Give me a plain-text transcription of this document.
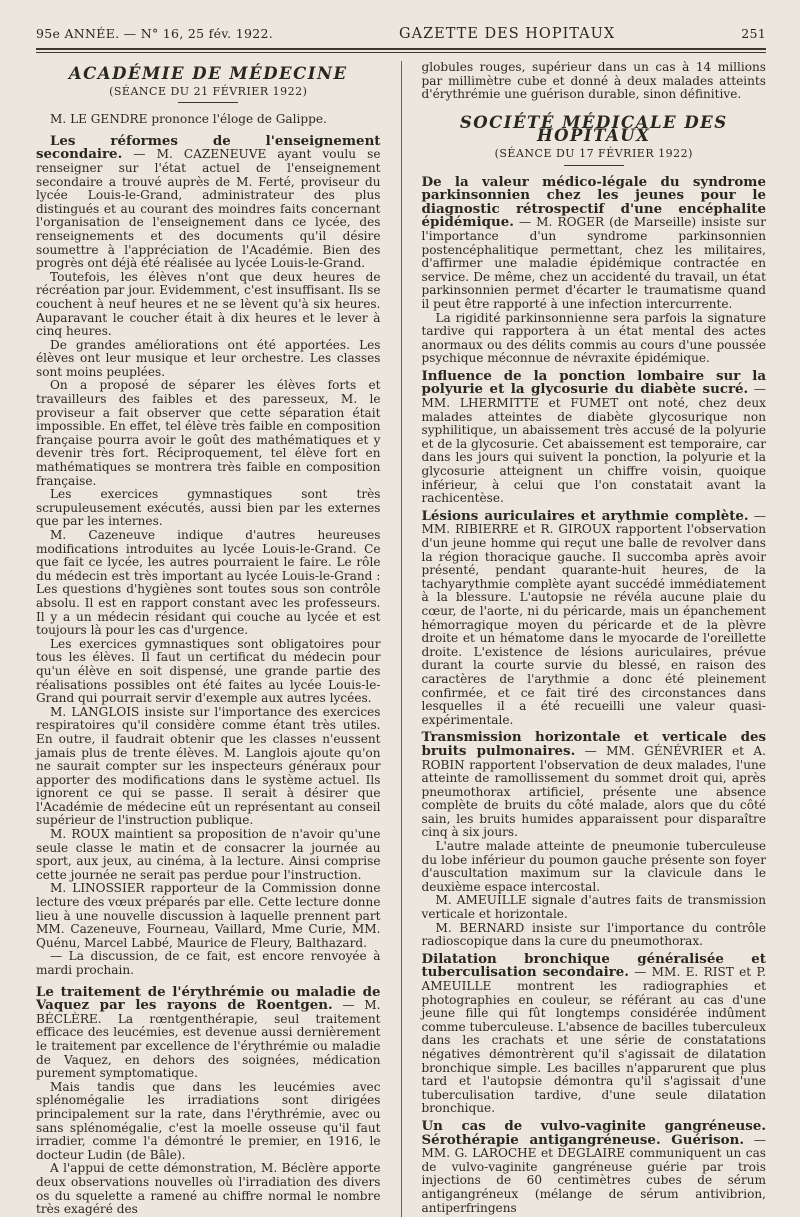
95e ANNÉE. — N° 16, 25 fév. 1922.	GAZETTE DES HOPITAUX	251
ACADÉMIE DE MÉDECINE
(SÉANCE DU 21 FÉVRIER 1922)

M. LE GENDRE prononce l'éloge de Galippe.

Les réformes de l'enseignement secondaire. — M. CAZENEUVE ayant voulu se renseigner sur l'état actuel de l'enseignement secondaire a trouvé auprès de M. Ferté, proviseur du lycée Louis-le-Grand, administrateur des plus distingués et au courant des moindres faits concernant l'organisation de l'enseignement dans ce lycée, des renseignements et des documents qu'il désire soumettre à l'appréciation de l'Académie. Bien des progrès ont déjà été réalisée au lycée Louis-le-Grand.

Toutefois, les élèves n'ont que deux heures de récréation par jour. Evidemment, c'est insuffisant. Ils se couchent à neuf heures et ne se lèvent qu'à six heures. Auparavant le coucher était à dix heures et le lever à cinq heures.

De grandes améliorations ont été apportées. Les élèves ont leur musique et leur orchestre. Les classes sont moins peuplées.

On a proposé de séparer les élèves forts et travailleurs des faibles et des paresseux, M. le proviseur a fait observer que cette séparation était impossible. En effet, tel élève très faible en composition française pourra avoir le goût des mathématiques et y devenir très fort. Réciproquement, tel élève fort en mathématiques se montrera très faible en composition française.

Les exercices gymnastiques sont très scrupuleusement exécutés, aussi bien par les externes que par les internes.

M. Cazeneuve indique d'autres heureuses modifications introduites au lycée Louis-le-Grand. Ce que fait ce lycée, les autres pourraient le faire. Le rôle du médecin est très important au lycée Louis-le-Grand : Les questions d'hygiènes sont toutes sous son contrôle absolu. Il est en rapport constant avec les professeurs. Il y a un médecin résidant qui couche au lycée et est toujours là pour les cas d'urgence.

Les exercices gymnastiques sont obligatoires pour tous les élèves. Il faut un certificat du médecin pour qu'un élève en soit dispensé, une grande partie des réalisations possibles ont été faites au lycée Louis-le-Grand qui pourrait servir d'exemple aux autres lycées.

M. LANGLOIS insiste sur l'importance des exercices respiratoires qu'il considère comme étant très utiles. En outre, il faudrait obtenir que les classes n'eussent jamais plus de trente élèves. M. Langlois ajoute qu'on ne saurait compter sur les inspecteurs généraux pour apporter des modifications dans le système actuel. Ils ignorent ce qui se passe. Il serait à désirer que l'Académie de médecine eût un représentant au conseil supérieur de l'instruction publique.

M. ROUX maintient sa proposition de n'avoir qu'une seule classe le matin et de consacrer la journée au sport, aux jeux, au cinéma, à la lecture. Ainsi comprise cette journée ne serait pas perdue pour l'instruction.

M. LINOSSIER rapporteur de la Commission donne lecture des vœux préparés par elle. Cette lecture donne lieu à une nouvelle discussion à laquelle prennent part MM. Cazeneuve, Fourneau, Vaillard, Mme Curie, MM. Quénu, Marcel Labbé, Maurice de Fleury, Balthazard.

— La discussion, de ce fait, est encore renvoyée à mardi prochain.

Le traitement de l'érythrémie ou maladie de Vaquez par les rayons de Roentgen. — M. BÉCLÈRE. La rœntgenthérapie, seul traitement efficace des leucémies, est devenue aussi dernièrement le traitement par excellence de l'érythrémie ou maladie de Vaquez, en dehors des soignées, médication purement symptomatique.

Mais tandis que dans les leucémies avec splénomégalie les irradiations sont dirigées principalement sur la rate, dans l'érythrémie, avec ou sans splénomégalie, c'est la moelle osseuse qu'il faut irradier, comme l'a démontré le premier, en 1916, le docteur Ludin (de Bâle).

A l'appui de cette démonstration, M. Béclère apporte deux observations nouvelles où l'irradiation des divers os du squelette a ramené au chiffre normal le nombre très exagéré des

globules rouges, supérieur dans un cas à 14 millions par millimètre cube et donné à deux malades atteints d'érythrémie une guérison durable, sinon définitive.

SOCIÉTÉ MÉDICALE DES HOPITAUX
(SÉANCE DU 17 FÉVRIER 1922)

De la valeur médico-légale du syndrome parkinsonnien chez les jeunes pour le diagnostic rétrospectif d'une encéphalite épidémique. — M. ROGER (de Marseille) insiste sur l'importance d'un syndrome parkinsonnien postencéphalitique permettant, chez les militaires, d'affirmer une maladie épidémique contractée en service. De même, chez un accidenté du travail, un état parkinsonnien permet d'écarter le traumatisme quand il peut être rapporté à une infection intercurrente.

La rigidité parkinsonnienne sera parfois la signature tardive qui rapportera à un état mental des actes anormaux ou des délits commis au cours d'une poussée psychique méconnue de névraxite épidémique.

Influence de la ponction lombaire sur la polyurie et la glycosurie du diabète sucré. — MM. LHERMITTE et FUMET ont noté, chez deux malades atteintes de diabète glycosurique non syphilitique, un abaissement très accusé de la polyurie et de la glycosurie. Cet abaissement est temporaire, car dans les jours qui suivent la ponction, la polyurie et la glycosurie atteignent un chiffre voisin, quoique inférieur, à celui que l'on constatait avant la rachicentèse.

Lésions auriculaires et arythmie complète. — MM. RIBIERRE et R. GIROUX rapportent l'observation d'un jeune homme qui reçut une balle de revolver dans la région thoracique gauche. Il succomba après avoir présenté, pendant quarante-huit heures, de la tachyarythmie complète ayant succédé immédiatement à la blessure. L'autopsie ne révéla aucune plaie du cœur, de l'aorte, ni du péricarde, mais un épanchement hémorragique moyen du péricarde et de la plèvre droite et un hématome dans le myocarde de l'oreillette droite. L'existence de lésions auriculaires, prévue durant la courte survie du blessé, en raison des caractères de l'arythmie a donc été pleinement confirmée, et ce fait tiré des circonstances dans lesquelles il a été recueilli une valeur quasi-expérimentale.

Transmission horizontale et verticale des bruits pulmonaires. — MM. GÉNÉVRIER et A. ROBIN rapportent l'observation de deux malades, l'une atteinte de ramollissement du sommet droit qui, après pneumothorax artificiel, présente une absence complète de bruits du côté malade, alors que du côté sain, les bruits humides apparaissent pour disparaître cinq à six jours.

L'autre malade atteinte de pneumonie tuberculeuse du lobe inférieur du poumon gauche présente son foyer d'auscultation maximum sur la clavicule dans le deuxième espace intercostal.

M. AMEUILLE signale d'autres faits de transmission verticale et horizontale.

M. BERNARD insiste sur l'importance du contrôle radioscopique dans la cure du pneumothorax.

Dilatation bronchique généralisée et tuberculisation secondaire. — MM. E. RIST et P. AMEUILLE montrent les radiographies et photographies en couleur, se référant au cas d'une jeune fille qui fût longtemps considérée indûment comme tuberculeuse. L'absence de bacilles tuberculeux dans les crachats et une série de constatations négatives démontrèrent qu'il s'agissait de dilatation bronchique simple. Les bacilles n'apparurent que plus tard et l'autopsie démontra qu'il s'agissait d'une tuberculisation tardive, d'une seule dilatation bronchique.

Un cas de vulvo-vaginite gangréneuse. Sérothérapie antigangréneuse. Guérison. — MM. G. LAROCHE et DEGLAIRE communiquent un cas de vulvo-vaginite gangréneuse guérie par trois injections de 60 centimètres cubes de sérum antigangréneux (mélange de sérum antivibrion, antiperfringens
